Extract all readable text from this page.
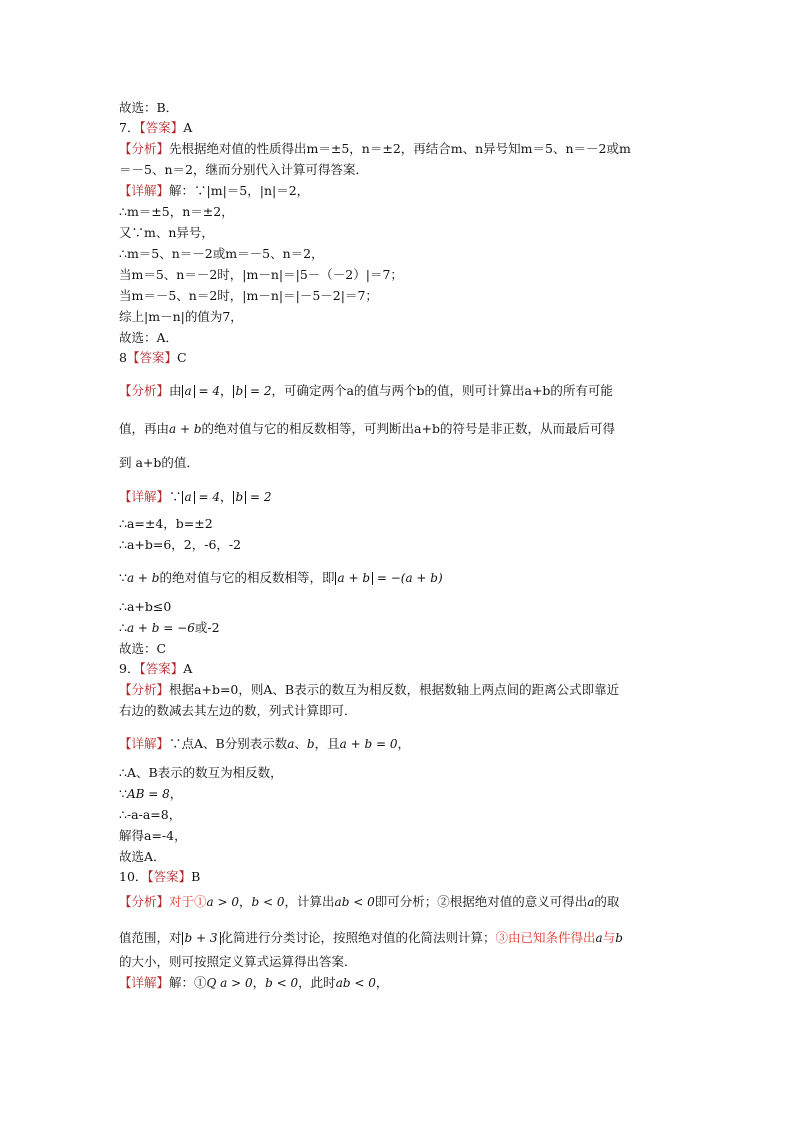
故选：B．
7．【答案】A
【分析】先根据绝对值的性质得出m＝±5，n＝±2，再结合m、n异号知m＝5、n＝－2或m
＝－5、n＝2，继而分别代入计算可得答案．
【详解】解：∵|m|＝5，|n|＝2，
∴m＝±5，n＝±2，
又∵m、n异号，
∴m＝5、n＝－2或m＝－5、n＝2，
当m＝5、n＝－2时，|m－n|＝|5－（－2）|＝7；
当m＝－5、n＝2时，|m－n|＝|－5－2|＝7；
综上|m－n|的值为7，
故选：A．
8【答案】C
【分析】由 a = 4， b = 2，可确定两个a的值与两个b的值，则可计算出a+b的所有可能
值，再由a + b的绝对值与它的相反数相等，可判断出a+b的符号是非正数，从而最后可得
到 a+b的值．
【详解】∵ a = 4， b = 2
∴a=±4，b=±2
∴a+b=6，2，-6，-2
∵a + b的绝对值与它的相反数相等，即 a + b = −(a + b)
∴a+b≤0
∴a + b = −6或-2
故选：C
9．【答案】A
【分析】根据a+b=0，则A、B表示的数互为相反数，根据数轴上两点间的距离公式即靠近
右边的数减去其左边的数，列式计算即可．
【详解】∵点A、B分别表示数a、b，且a + b = 0，
∴A、B表示的数互为相反数，
∵AB = 8，
∴-a-a=8，
解得a=-4，
故选A．
10．【答案】B
【分析】对于①a > 0，b < 0，计算出ab < 0即可分析；②根据绝对值的意义可得出a的取
值范围，对 b + 3 化简进行分类讨论，按照绝对值的化简法则计算；③由已知条件得出a与b
的大小，则可按照定义算式运算得出答案．
【详解】解：①Q a > 0，b < 0，此时ab < 0，
